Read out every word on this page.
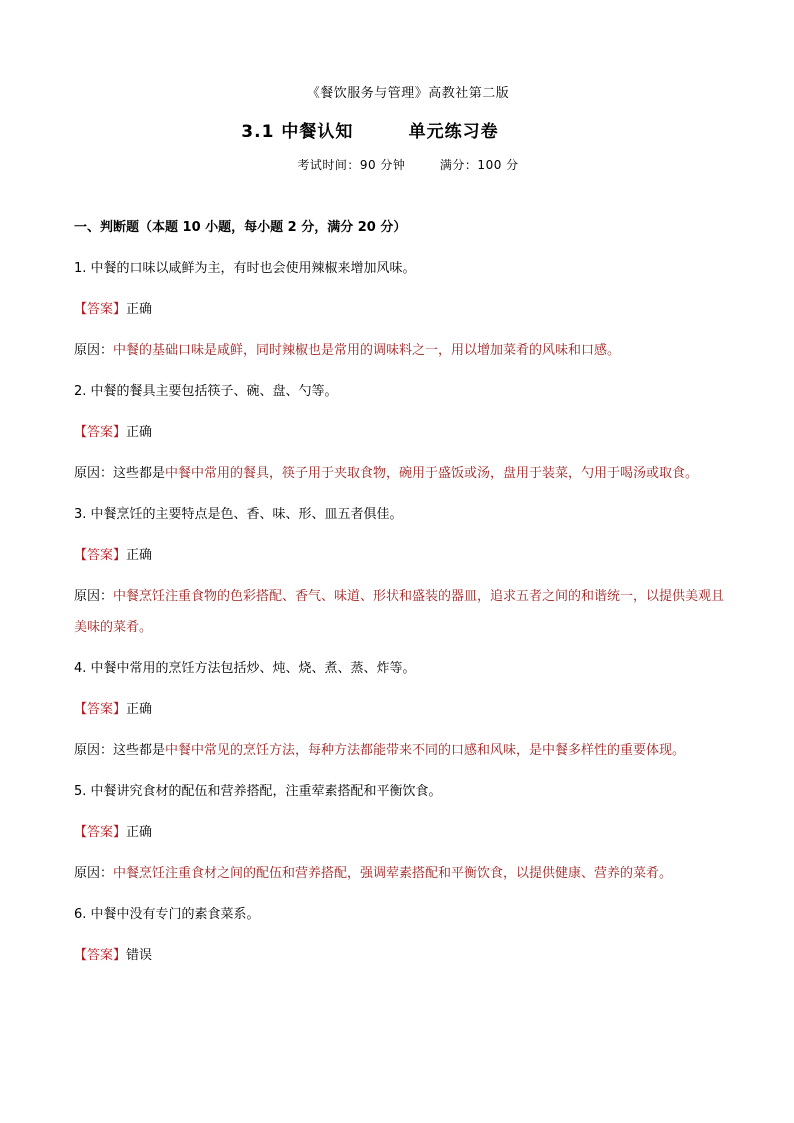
《餐饮服务与管理》高教社第二版
3.1 中餐认知        单元练习卷
考试时间：90 分钟        满分：100 分
一、判断题（本题 10 小题，每小题 2 分，满分 20 分）
1. 中餐的口味以咸鲜为主，有时也会使用辣椒来增加风味。
【答案】正确
原因：中餐的基础口味是咸鲜，同时辣椒也是常用的调味料之一，用以增加菜肴的风味和口感。
2. 中餐的餐具主要包括筷子、碗、盘、勺等。
【答案】正确
原因：这些都是中餐中常用的餐具，筷子用于夹取食物，碗用于盛饭或汤，盘用于装菜，勺用于喝汤或取食。
3. 中餐烹饪的主要特点是色、香、味、形、皿五者俱佳。
【答案】正确
原因：中餐烹饪注重食物的色彩搭配、香气、味道、形状和盛装的器皿，追求五者之间的和谐统一，以提供美观且美味的菜肴。
4. 中餐中常用的烹饪方法包括炒、炖、烧、煮、蒸、炸等。
【答案】正确
原因：这些都是中餐中常见的烹饪方法，每种方法都能带来不同的口感和风味，是中餐多样性的重要体现。
5. 中餐讲究食材的配伍和营养搭配，注重荤素搭配和平衡饮食。
【答案】正确
原因：中餐烹饪注重食材之间的配伍和营养搭配，强调荤素搭配和平衡饮食，以提供健康、营养的菜肴。
6. 中餐中没有专门的素食菜系。
【答案】错误
